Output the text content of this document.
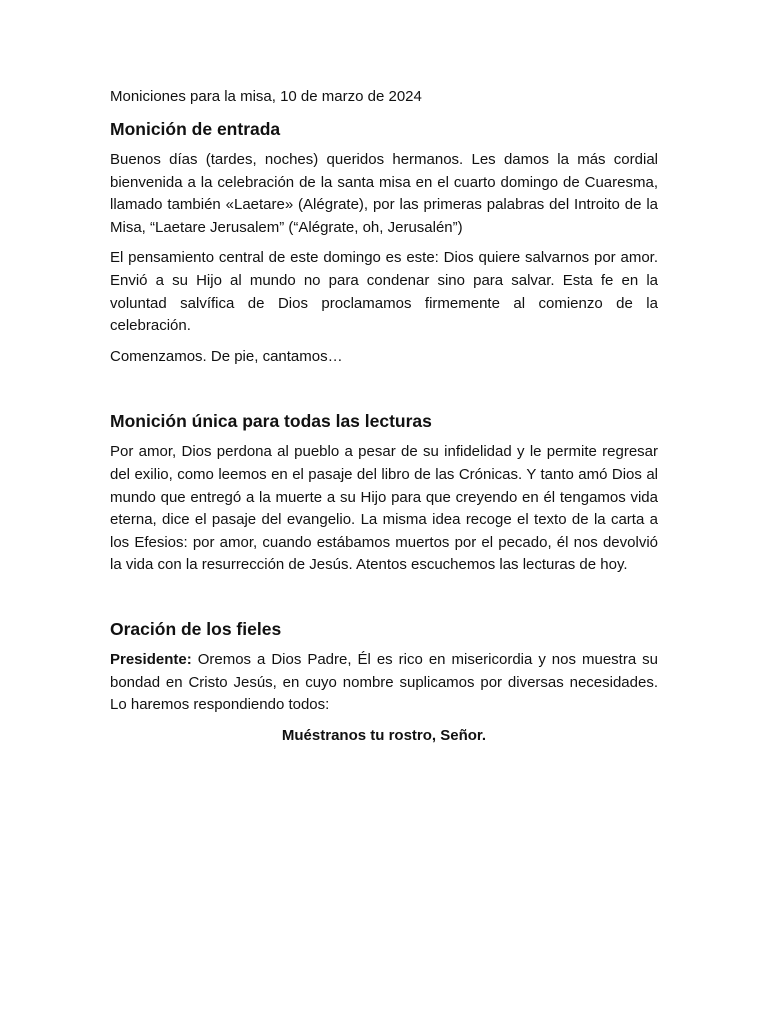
Moniciones para la misa, 10 de marzo de 2024
Monición de entrada

Buenos días (tardes, noches) queridos hermanos. Les damos la más cordial bienvenida a la celebración de la santa misa en el cuarto domingo de Cuaresma, llamado también «Laetare» (Alégrate), por las primeras palabras del Introito de la Misa, “Laetare Jerusalem” (“Alégrate, oh, Jerusalén”)

El pensamiento central de este domingo es este: Dios quiere salvarnos por amor. Envió a su Hijo al mundo no para condenar sino para salvar. Esta fe en la voluntad salvífica de Dios proclamamos firmemente al comienzo de la celebración.

Comenzamos. De pie, cantamos…

Monición única para todas las lecturas

Por amor, Dios perdona al pueblo a pesar de su infidelidad y le permite regresar del exilio, como leemos en el pasaje del libro de las Crónicas. Y tanto amó Dios al mundo que entregó a la muerte a su Hijo para que creyendo en él tengamos vida eterna, dice el pasaje del evangelio. La misma idea recoge el texto de la carta a los Efesios: por amor, cuando estábamos muertos por el pecado, él nos devolvió la vida con la resurrección de Jesús. Atentos escuchemos las lecturas de hoy.

Oración de los fieles

Presidente: Oremos a Dios Padre, Él es rico en misericordia y nos muestra su bondad en Cristo Jesús, en cuyo nombre suplicamos por diversas necesidades. Lo haremos respondiendo todos:

Muéstranos tu rostro, Señor.
